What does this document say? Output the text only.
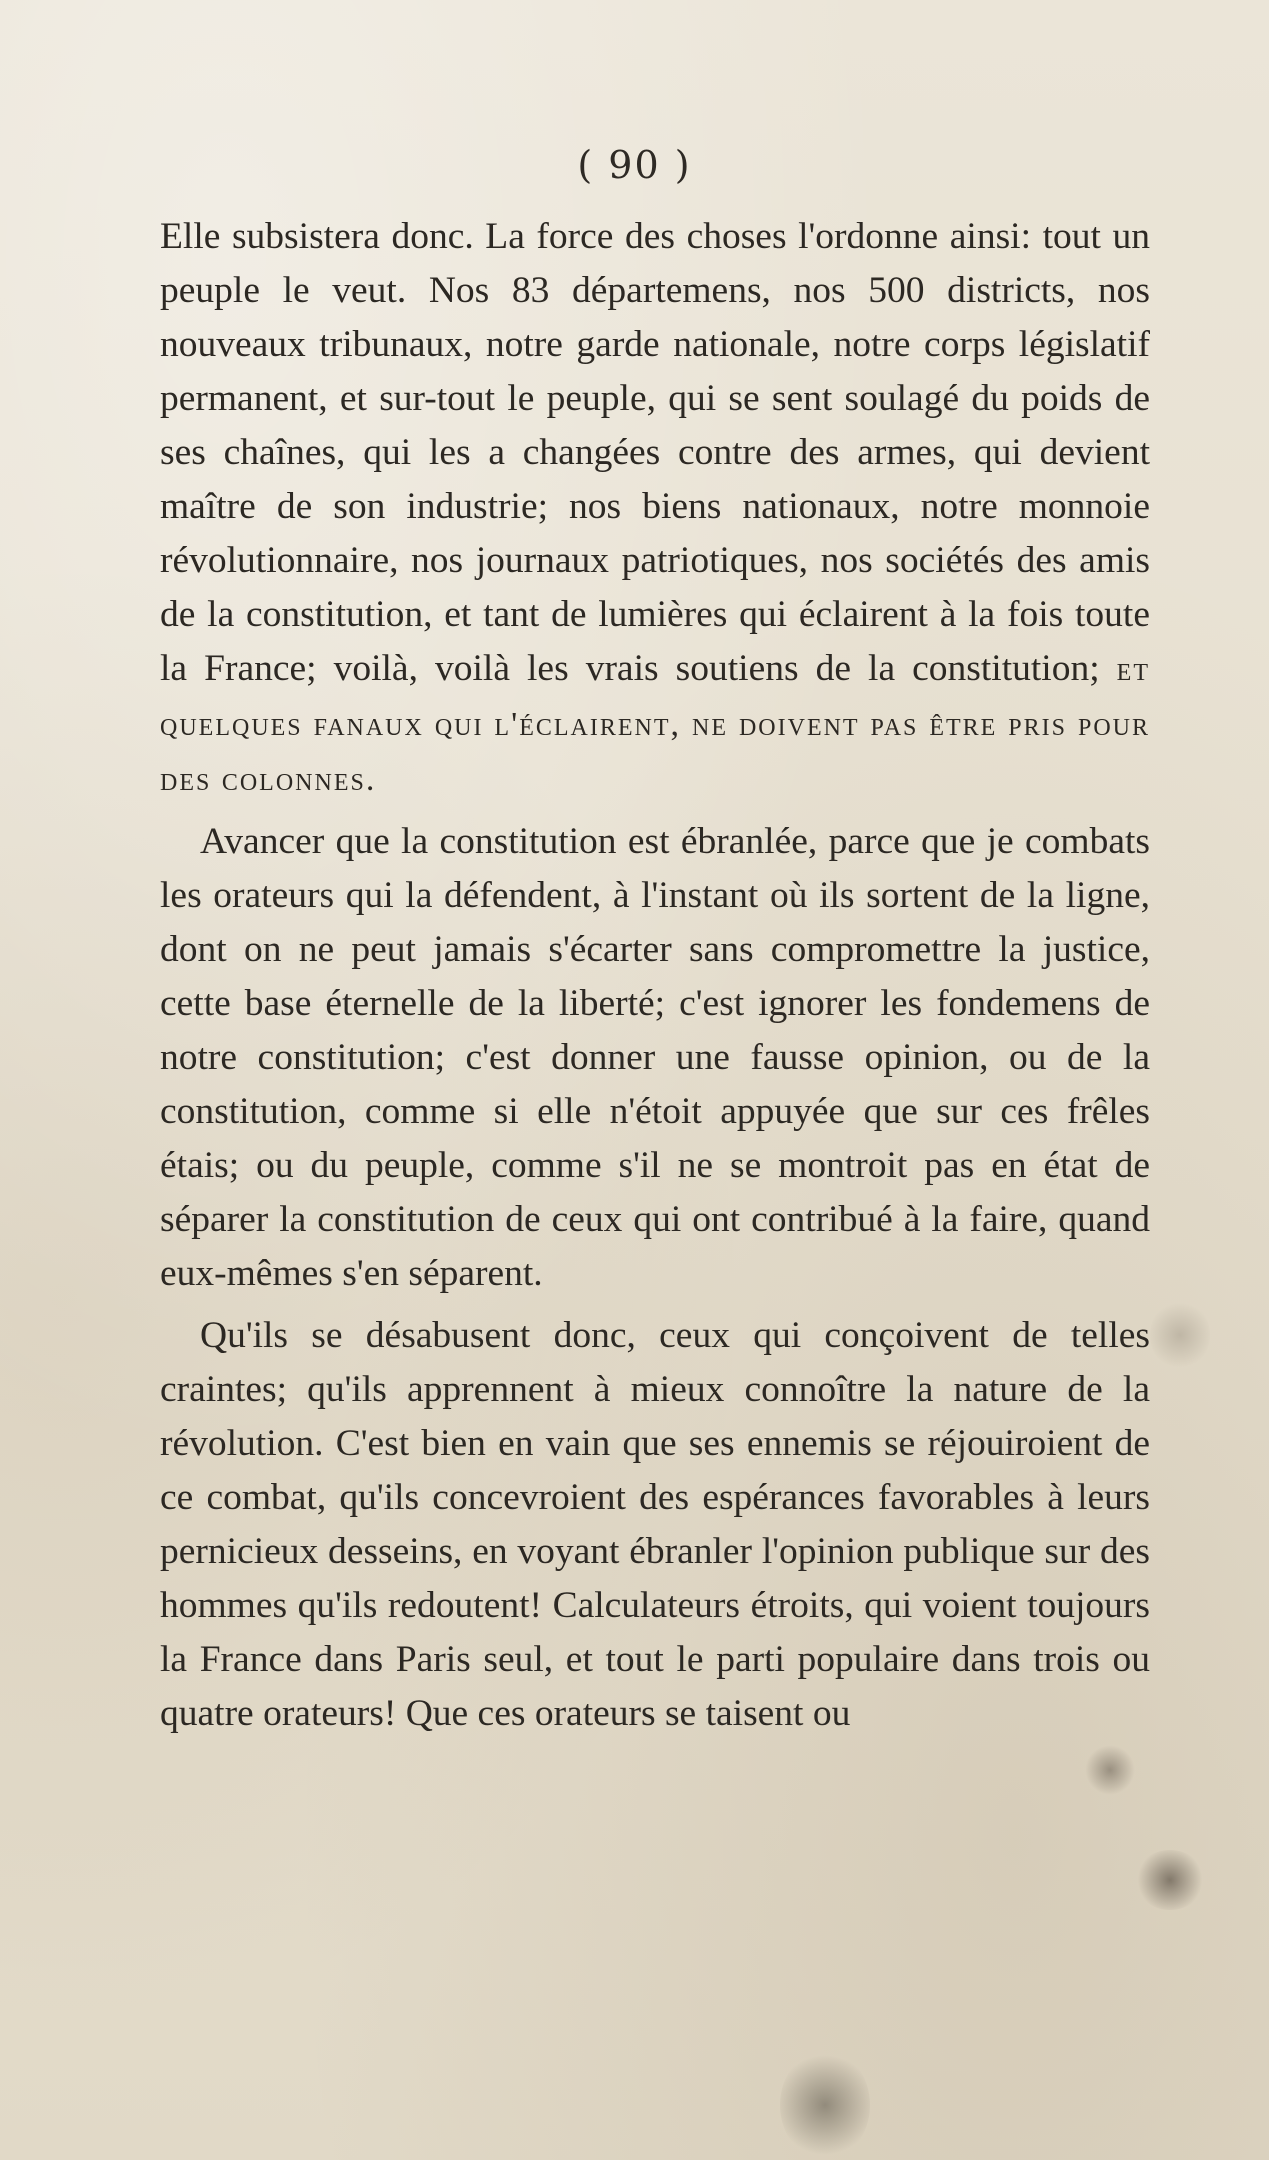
( 90 )

Elle subsistera donc. La force des choses l'ordonne ainsi: tout un peuple le veut. Nos 83 départemens, nos 500 districts, nos nouveaux tribunaux, notre garde nationale, notre corps législatif permanent, et sur-tout le peuple, qui se sent soulagé du poids de ses chaînes, qui les a changées contre des armes, qui devient maître de son industrie; nos biens nationaux, notre monnoie révolutionnaire, nos journaux patriotiques, nos sociétés des amis de la constitution, et tant de lumières qui éclairent à la fois toute la France; voilà, voilà les vrais soutiens de la constitution; et quelques fanaux qui l'éclairent, ne doivent pas être pris pour des colonnes.

Avancer que la constitution est ébranlée, parce que je combats les orateurs qui la défendent, à l'instant où ils sortent de la ligne, dont on ne peut jamais s'écarter sans compromettre la justice, cette base éternelle de la liberté; c'est ignorer les fondemens de notre constitution; c'est donner une fausse opinion, ou de la constitution, comme si elle n'étoit appuyée que sur ces frêles étais; ou du peuple, comme s'il ne se montroit pas en état de séparer la constitution de ceux qui ont contribué à la faire, quand eux-mêmes s'en séparent.

Qu'ils se désabusent donc, ceux qui conçoivent de telles craintes; qu'ils apprennent à mieux connoître la nature de la révolution. C'est bien en vain que ses ennemis se réjouiroient de ce combat, qu'ils concevroient des espérances favorables à leurs pernicieux desseins, en voyant ébranler l'opinion publique sur des hommes qu'ils redoutent! Calculateurs étroits, qui voient toujours la France dans Paris seul, et tout le parti populaire dans trois ou quatre orateurs! Que ces orateurs se taisent ou
